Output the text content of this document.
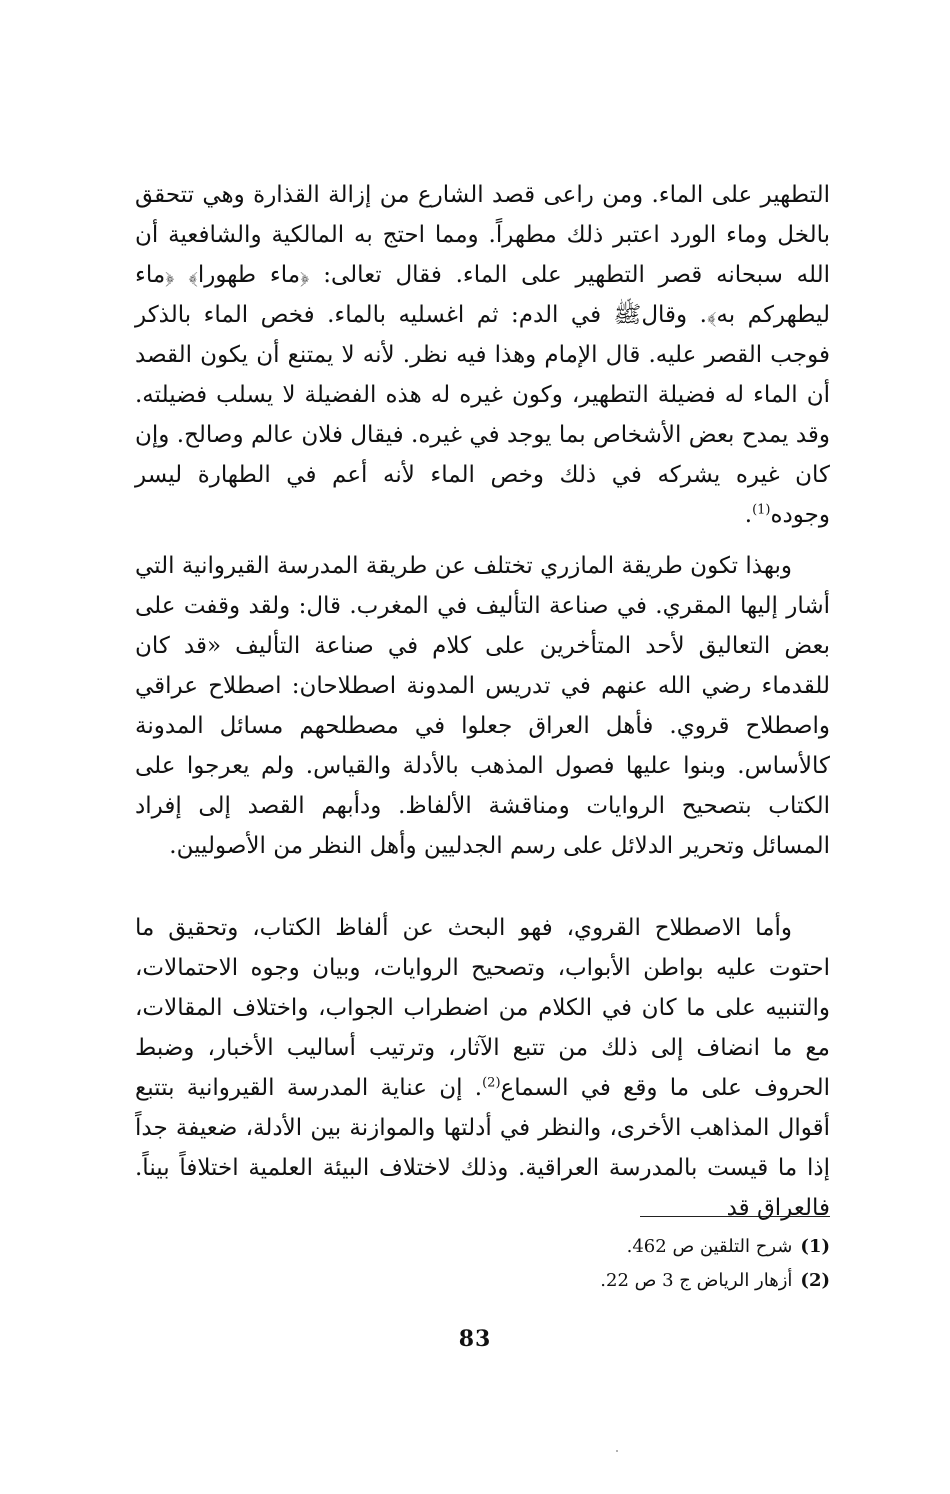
التطهير على الماء. ومن راعى قصد الشارع من إزالة القذارة وهي تتحقق بالخل وماء الورد اعتبر ذلك مطهراً. ومما احتج به المالكية والشافعية أن الله سبحانه قصر التطهير على الماء. فقال تعالى: ﴿ماء طهورا﴾ ﴿ماء ليطهركم به﴾. وقالﷺ في الدم: ثم اغسليه بالماء. فخص الماء بالذكر فوجب القصر عليه. قال الإمام وهذا فيه نظر. لأنه لا يمتنع أن يكون القصد أن الماء له فضيلة التطهير، وكون غيره له هذه الفضيلة لا يسلب فضيلته. وقد يمدح بعض الأشخاص بما يوجد في غيره. فيقال فلان عالم وصالح. وإن كان غيره يشركه في ذلك وخص الماء لأنه أعم في الطهارة ليسر وجوده$^{(1)}$.

وبهذا تكون طريقة المازري تختلف عن طريقة المدرسة القيروانية التي أشار إليها المقري. في صناعة التأليف في المغرب. قال: ولقد وقفت على بعض التعاليق لأحد المتأخرين على كلام في صناعة التأليف «قد كان للقدماء رضي الله عنهم في تدريس المدونة اصطلاحان: اصطلاح عراقي واصطلاح قروي. فأهل العراق جعلوا في مصطلحهم مسائل المدونة كالأساس. وبنوا عليها فصول المذهب بالأدلة والقياس. ولم يعرجوا على الكتاب بتصحيح الروايات ومناقشة الألفاظ. ودأبهم القصد إلى إفراد المسائل وتحرير الدلائل على رسم الجدليين وأهل النظر من الأصوليين.

وأما الاصطلاح القروي، فهو البحث عن ألفاظ الكتاب، وتحقيق ما احتوت عليه بواطن الأبواب، وتصحيح الروايات، وبيان وجوه الاحتمالات، والتنبيه على ما كان في الكلام من اضطراب الجواب، واختلاف المقالات، مع ما انضاف إلى ذلك من تتبع الآثار، وترتيب أساليب الأخبار، وضبط الحروف على ما وقع في السماع$^{(2)}$. إن عناية المدرسة القيروانية بتتبع أقوال المذاهب الأخرى، والنظر في أدلتها والموازنة بين الأدلة، ضعيفة جداً إذا ما قيست بالمدرسة العراقية. وذلك لاختلاف البيئة العلمية اختلافاً بيناً. فالعراق قد

(1)شرح التلقين ص 462.
(2)أزهار الرياض ج 3 ص 22.
83
